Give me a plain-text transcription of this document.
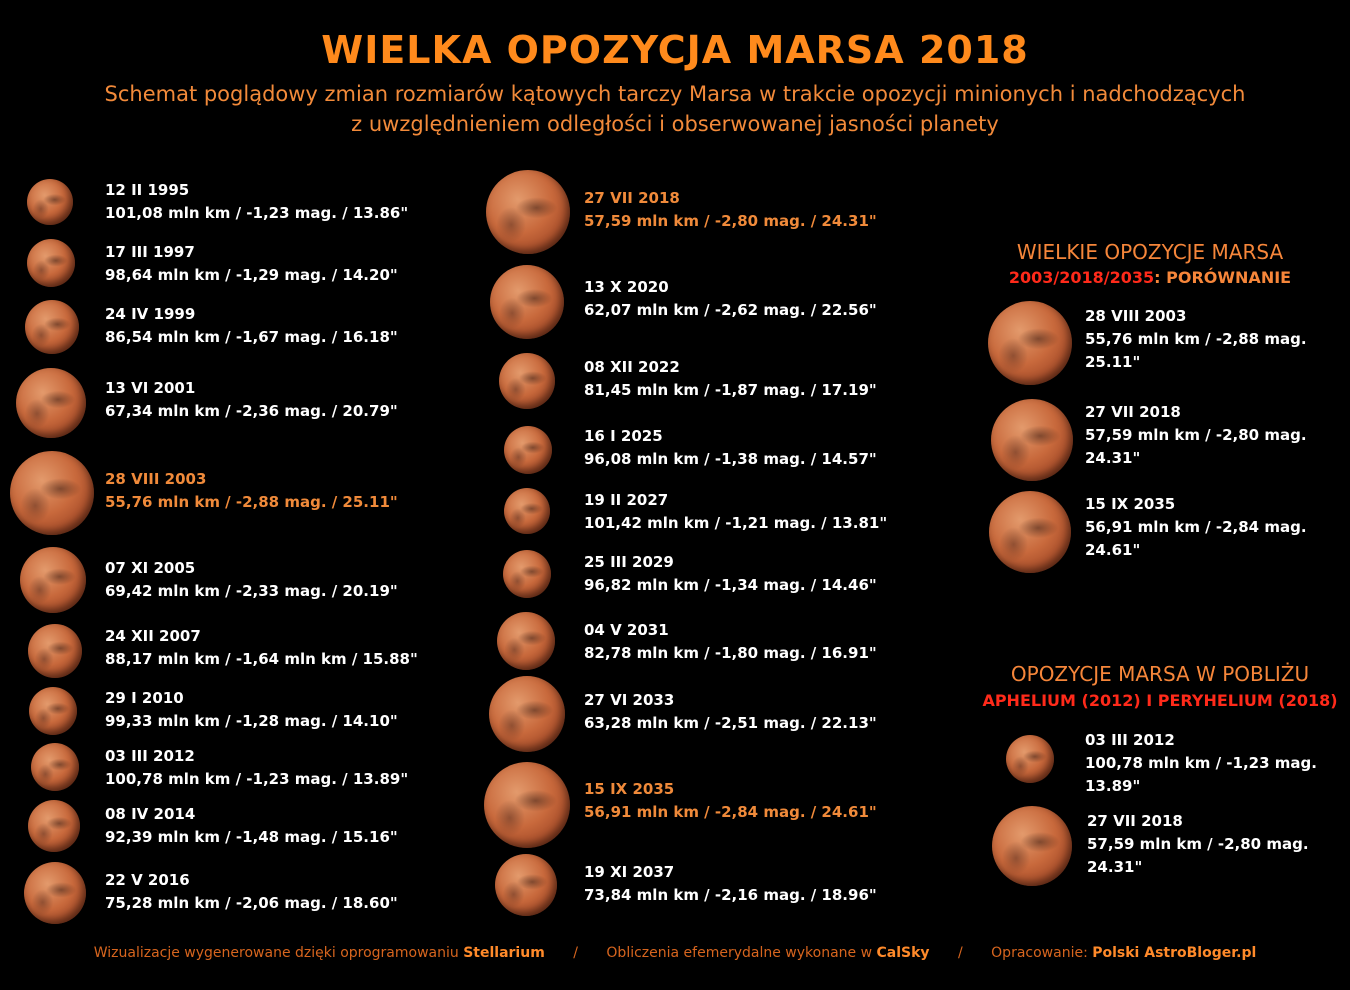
WIELKA OPOZYCJA MARSA 2018
Schemat poglądowy zmian rozmiarów kątowych tarczy Marsa w trakcie opozycji minionych i nadchodzących
z uwzględnieniem odległości i obserwowanej jasności planety
12 II 1995
101,08 mln km / -1,23 mag. / 13.86"
17 III 1997
98,64 mln km / -1,29 mag. / 14.20"
24 IV 1999
86,54 mln km / -1,67 mag. / 16.18"
13 VI 2001
67,34 mln km / -2,36 mag. / 20.79"
28 VIII 2003
55,76 mln km / -2,88 mag. / 25.11"
07 XI 2005
69,42 mln km / -2,33 mag. / 20.19"
24 XII 2007
88,17 mln km / -1,64 mln km / 15.88"
29 I 2010
99,33 mln km / -1,28 mag. / 14.10"
03 III 2012
100,78 mln km / -1,23 mag. / 13.89"
08 IV 2014
92,39 mln km / -1,48 mag. / 15.16"
22 V 2016
75,28 mln km / -2,06 mag. / 18.60"
27 VII 2018
57,59 mln km / -2,80 mag. / 24.31"
13 X 2020
62,07 mln km / -2,62 mag. / 22.56"
08 XII 2022
81,45 mln km / -1,87 mag. / 17.19"
16 I 2025
96,08 mln km / -1,38 mag. / 14.57"
19 II 2027
101,42 mln km / -1,21 mag. / 13.81"
25 III 2029
96,82 mln km / -1,34 mag. / 14.46"
04 V 2031
82,78 mln km / -1,80 mag. / 16.91"
27 VI 2033
63,28 mln km / -2,51 mag. / 22.13"
15 IX 2035
56,91 mln km / -2,84 mag. / 24.61"
19 XI 2037
73,84 mln km / -2,16 mag. / 18.96"
WIELKIE OPOZYCJE MARSA
2003/2018/2035: PORÓWNANIE
28 VIII 2003
55,76 mln km / -2,88 mag.
25.11"
27 VII 2018
57,59 mln km / -2,80 mag.
24.31"
15 IX 2035
56,91 mln km / -2,84 mag.
24.61"
OPOZYCJE MARSA W POBLIŻU
APHELIUM (2012) I PERYHELIUM (2018)
03 III 2012
100,78 mln km / -1,23 mag.
13.89"
27 VII 2018
57,59 mln km / -2,80 mag.
24.31"
Wizualizacje wygenerowane dzięki oprogramowaniu Stellarium / Obliczenia efemerydalne wykonane w CalSky / Opracowanie: Polski AstroBloger.pl
